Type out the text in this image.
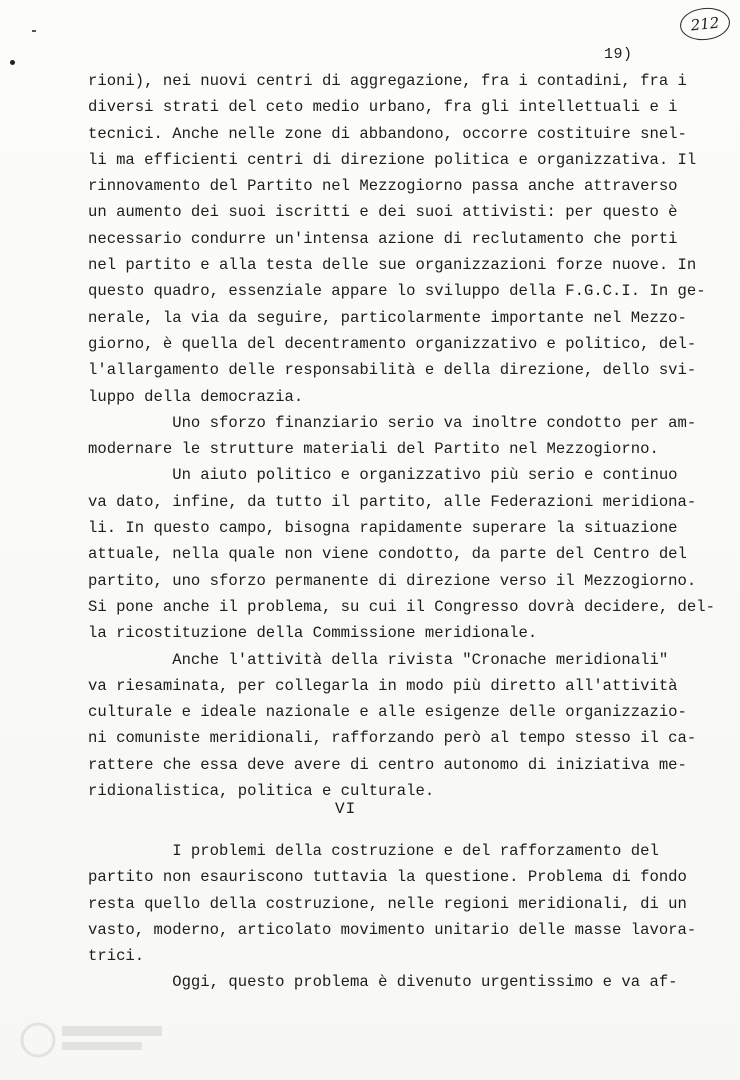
212
19)
rioni), nei nuovi centri di aggregazione, fra i contadini, fra i
diversi strati del ceto medio urbano, fra gli intellettuali e i
tecnici. Anche nelle zone di abbandono, occorre costituire snel-
li ma efficienti centri di direzione politica e organizzativa. Il
rinnovamento del Partito nel Mezzogiorno passa anche attraverso
un aumento dei suoi iscritti e dei suoi attivisti: per questo è
necessario condurre un'intensa azione di reclutamento che porti
nel partito e alla testa delle sue organizzazioni forze nuove. In
questo quadro, essenziale appare lo sviluppo della F.G.C.I. In ge-
nerale, la via da seguire, particolarmente importante nel Mezzo-
giorno, è quella del decentramento organizzativo e politico, del-
l'allargamento delle responsabilità e della direzione, dello svi-
luppo della democrazia.
Uno sforzo finanziario serio va inoltre condotto per am-
modernare le strutture materiali del Partito nel Mezzogiorno.
Un aiuto politico e organizzativo più serio e continuo
va dato, infine, da tutto il partito, alle Federazioni meridiona-
li. In questo campo, bisogna rapidamente superare la situazione
attuale, nella quale non viene condotto, da parte del Centro del
partito, uno sforzo permanente di direzione verso il Mezzogiorno.
Si pone anche il problema, su cui il Congresso dovrà decidere, del-
la ricostituzione della Commissione meridionale.
Anche l'attività della rivista "Cronache meridionali"
va riesaminata, per collegarla in modo più diretto all'attività
culturale e ideale nazionale e alle esigenze delle organizzazio-
ni comuniste meridionali, rafforzando però al tempo stesso il ca-
rattere che essa deve avere di centro autonomo di iniziativa me-
ridionalistica, politica e culturale.
VI
I problemi della costruzione e del rafforzamento del
partito non esauriscono tuttavia la questione. Problema di fondo
resta quello della costruzione, nelle regioni meridionali, di un
vasto, moderno, articolato movimento unitario delle masse lavora-
trici.
Oggi, questo problema è divenuto urgentissimo e va af-
